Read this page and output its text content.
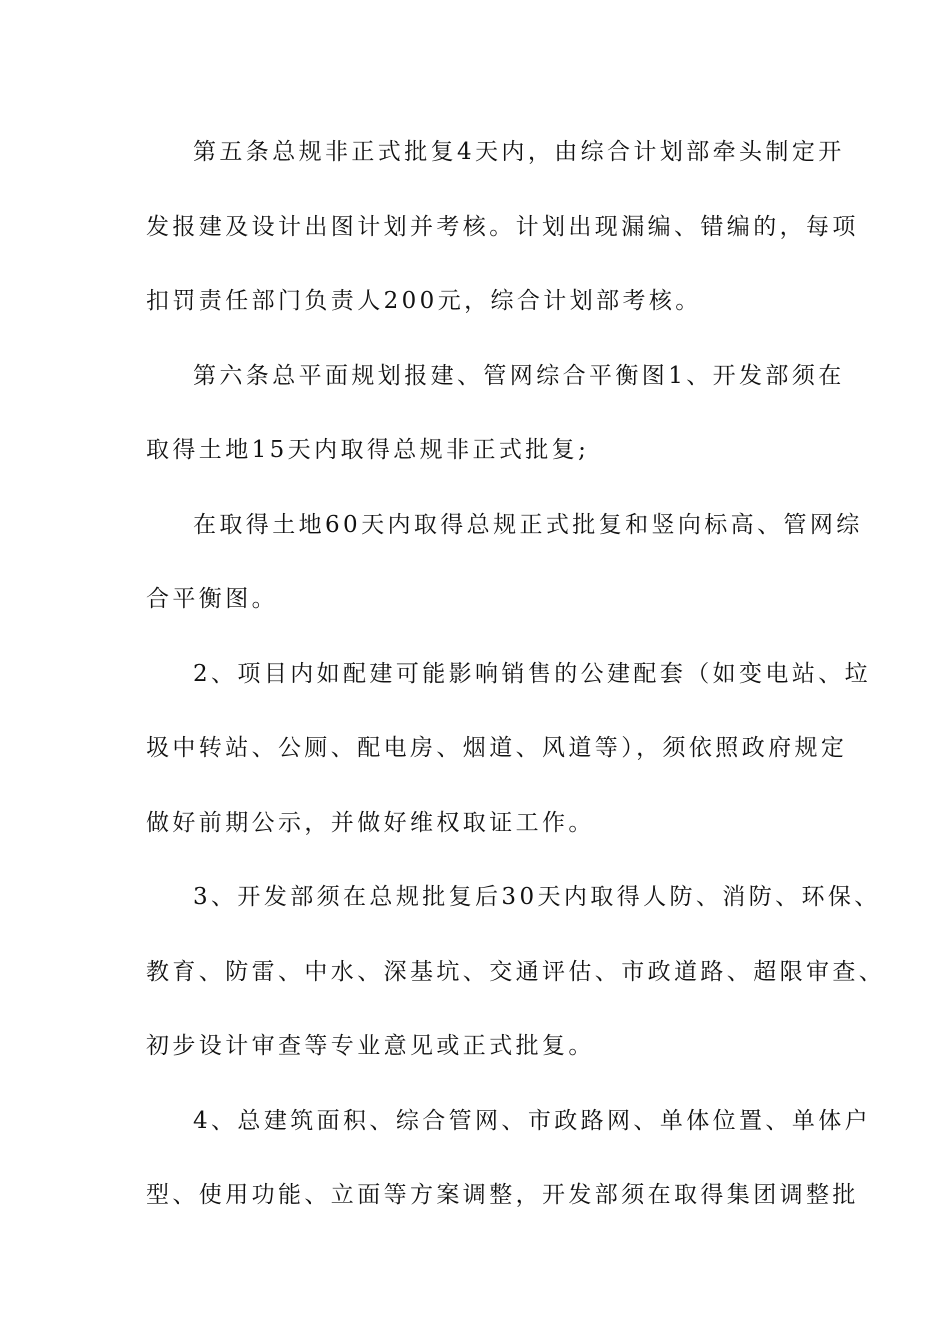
第五条总规非正式批复4天内，由综合计划部牵头制定开
发报建及设计出图计划并考核。计划出现漏编、错编的，每项
扣罚责任部门负责人200元，综合计划部考核。
第六条总平面规划报建、管网综合平衡图1、开发部须在
取得土地15天内取得总规非正式批复;
在取得土地60天内取得总规正式批复和竖向标高、管网综
合平衡图。
2、项目内如配建可能影响销售的公建配套（如变电站、垃
圾中转站、公厕、配电房、烟道、风道等），须依照政府规定
做好前期公示，并做好维权取证工作。
3、开发部须在总规批复后30天内取得人防、消防、环保、
教育、防雷、中水、深基坑、交通评估、市政道路、超限审查、
初步设计审查等专业意见或正式批复。
4、总建筑面积、综合管网、市政路网、单体位置、单体户
型、使用功能、立面等方案调整，开发部须在取得集团调整批
